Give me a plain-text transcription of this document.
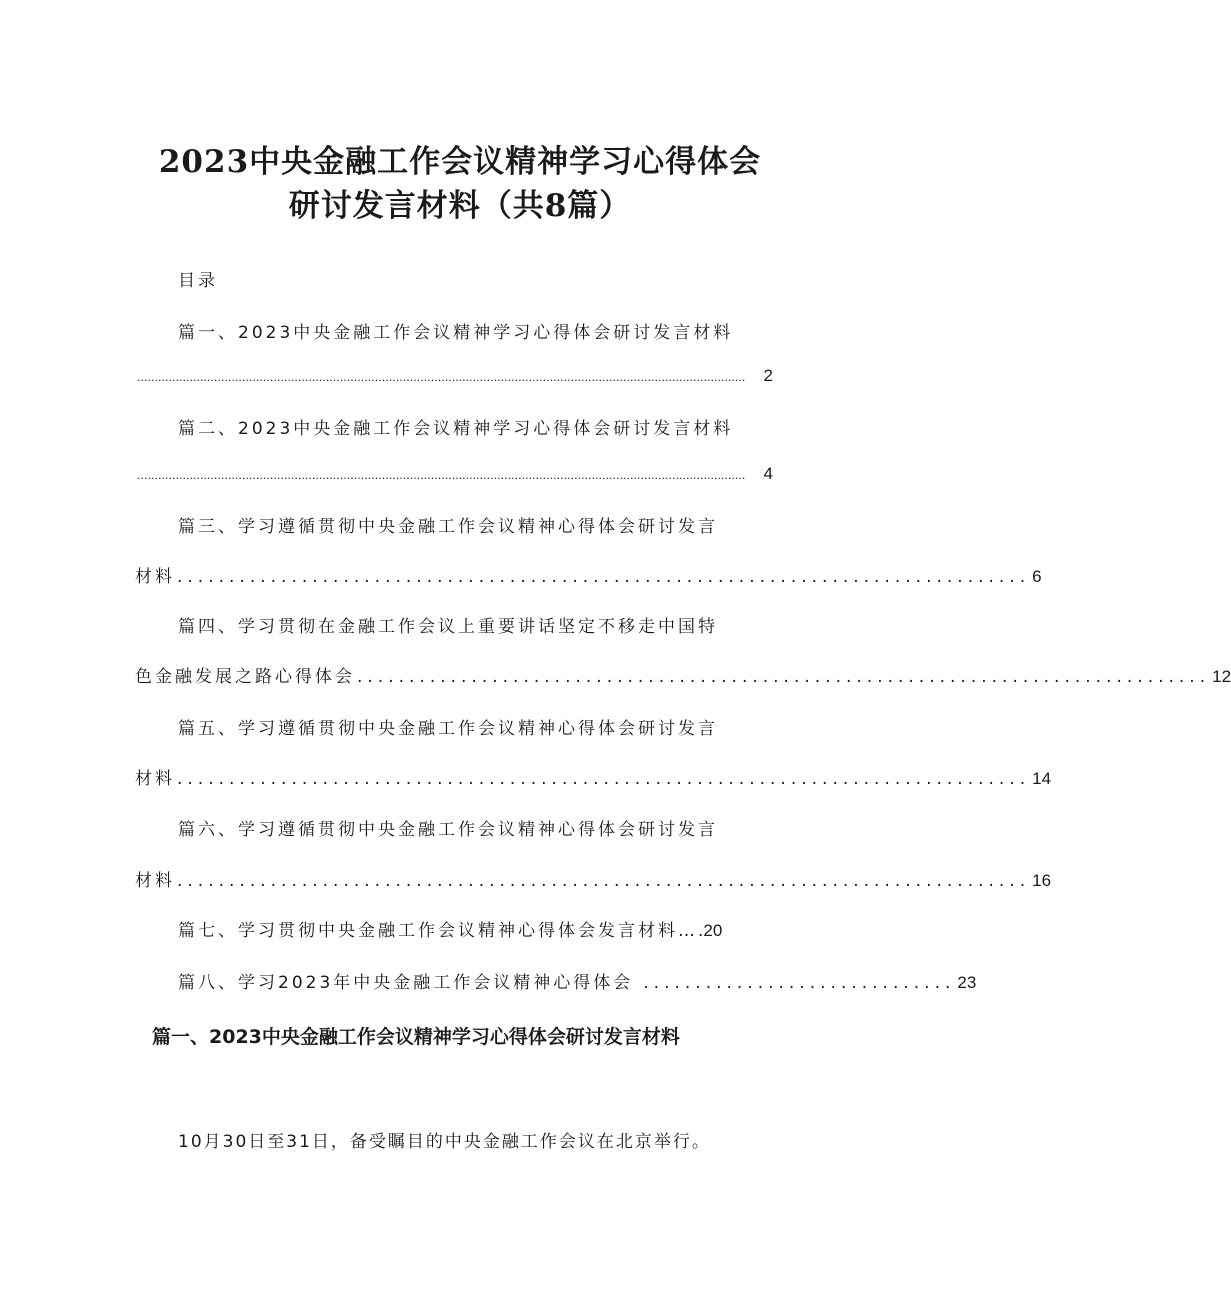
2023中央金融工作会议精神学习心得体会
研讨发言材料（共8篇）
目录
篇一、2023中央金融工作会议精神学习心得体会研讨发言材料
..............................................................................................................................................................................	2
篇二、2023中央金融工作会议精神学习心得体会研讨发言材料
..............................................................................................................................................................................	4
篇三、学习遵循贯彻中央金融工作会议精神心得体会研讨发言
材料 .................................................................................. 6
篇四、学习贯彻在金融工作会议上重要讲话坚定不移走中国特
色金融发展之路心得体会 .................................................................................. 12
篇五、学习遵循贯彻中央金融工作会议精神心得体会研讨发言
材料 .................................................................................. 14
篇六、学习遵循贯彻中央金融工作会议精神心得体会研讨发言
材料 .................................................................................. 16
篇七、学习贯彻中央金融工作会议精神心得体会发言材料… . 20
篇八、学习2023年中央金融工作会议精神心得体会 .............................. 23
篇一、2023中央金融工作会议精神学习心得体会研讨发言材料
10月30日至31日，备受瞩目的中央金融工作会议在北京举行。
